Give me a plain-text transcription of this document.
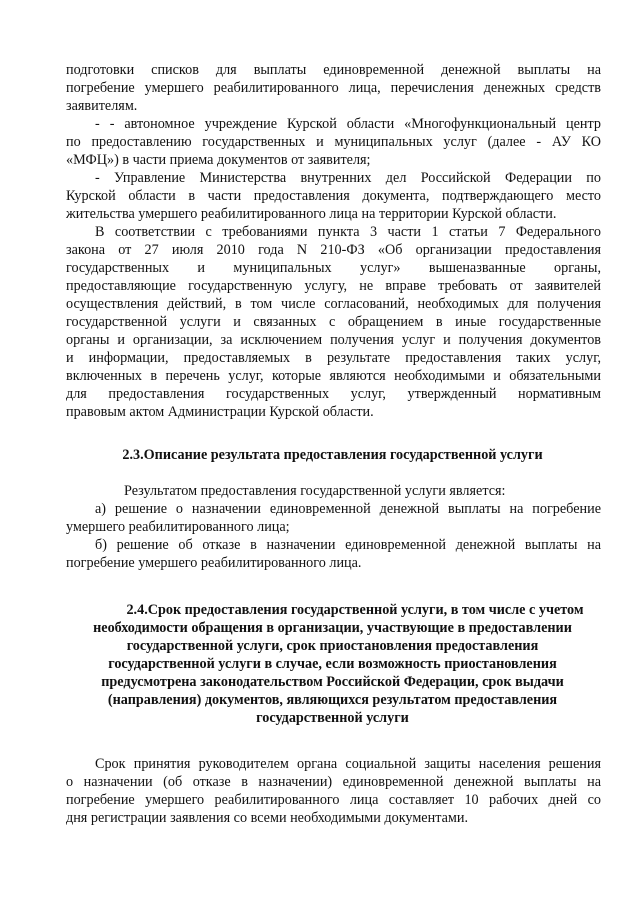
подготовки списков для выплаты единовременной денежной выплаты на
погребение умершего реабилитированного лица, перечисления денежных средств
заявителям.
- - автономное учреждение Курской области «Многофункциональный центр
по предоставлению государственных и муниципальных услуг (далее - АУ КО
«МФЦ») в части приема документов от заявителя;
- Управление Министерства внутренних дел Российской Федерации по
Курской области в части предоставления документа, подтверждающего место
жительства умершего реабилитированного лица на территории Курской области.
В соответствии с требованиями пункта 3 части 1 статьи 7 Федерального
закона от 27 июля 2010 года N 210-ФЗ «Об организации предоставления
государственных и муниципальных услуг» вышеназванные органы,
предоставляющие государственную услугу, не вправе требовать от заявителей
осуществления действий, в том числе согласований, необходимых для получения
государственной услуги и связанных с обращением в иные государственные
органы и организации, за исключением получения услуг и получения документов
и информации, предоставляемых в результате предоставления таких услуг,
включенных в перечень услуг, которые являются необходимыми и обязательными
для предоставления государственных услуг, утвержденный нормативным
правовым актом Администрации Курской области.
2.3.Описание результата предоставления государственной услуги
Результатом предоставления государственной услуги является:
а) решение о назначении единовременной денежной выплаты на погребение
умершего реабилитированного лица;
б) решение об отказе в назначении единовременной денежной выплаты на
погребение умершего реабилитированного лица.
2.4.Срок предоставления государственной услуги, в том числе с учетом
необходимости обращения в организации, участвующие в предоставлении
государственной услуги, срок приостановления предоставления
государственной услуги в случае, если возможность приостановления
предусмотрена законодательством Российской Федерации, срок выдачи
(направления) документов, являющихся результатом предоставления
государственной услуги
Срок принятия руководителем органа социальной защиты населения решения
о назначении (об отказе в назначении) единовременной денежной выплаты на
погребение умершего реабилитированного лица составляет 10 рабочих дней со
дня регистрации заявления со всеми необходимыми документами.
